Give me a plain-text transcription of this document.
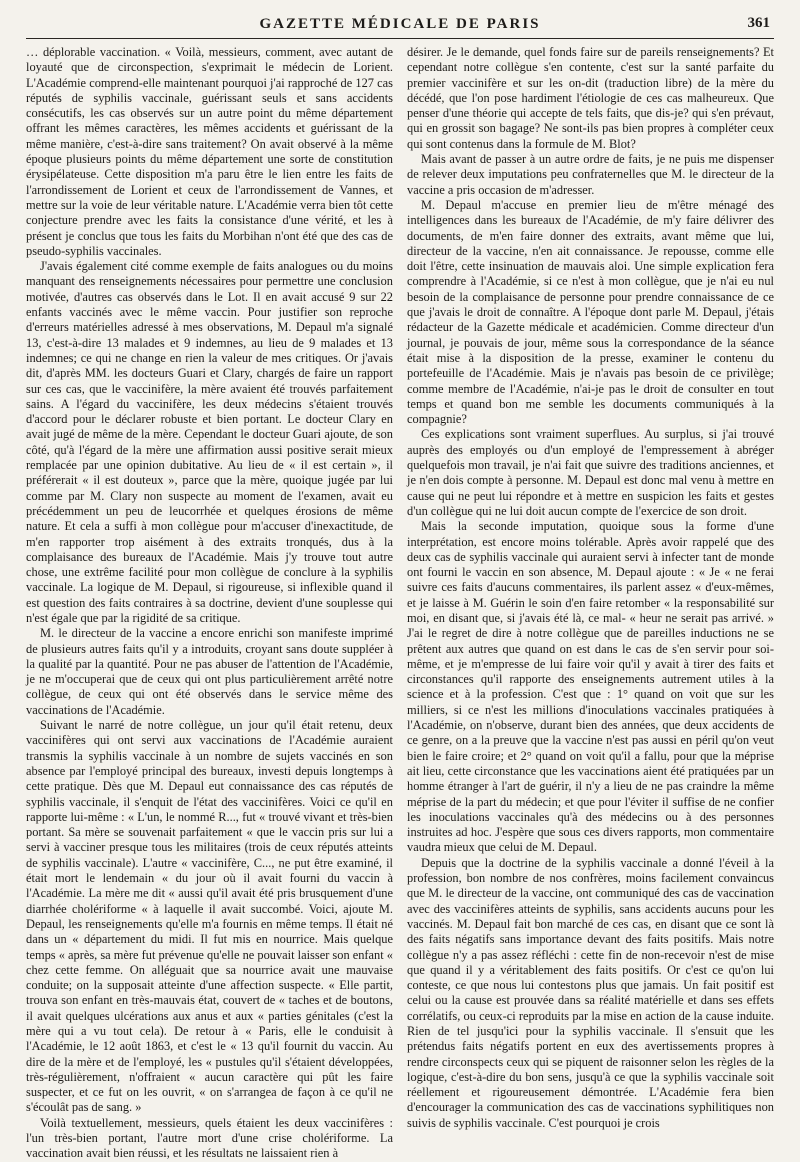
GAZETTE MÉDICALE DE PARIS	361

… déplorable vaccination. « Voilà, messieurs, comment, avec autant de loyauté que de circonspection, s'exprimait le médecin de Lorient. L'Académie comprend-elle maintenant pourquoi j'ai rapproché de 127 cas réputés de syphilis vaccinale, guérissant seuls et sans accidents consécutifs, les cas observés sur un autre point du même département offrant les mêmes caractères, les mêmes accidents et guérissant de la même manière, c'est-à-dire sans traitement? On avait observé à la même époque plusieurs points du même département une sorte de constitution érysipélateuse. Cette disposition m'a paru être le lien entre les faits de l'arrondissement de Lorient et ceux de l'arrondissement de Vannes, et mettre sur la voie de leur véritable nature. L'Académie verra bien tôt cette conjecture prendre avec les faits la consistance d'une vérité, et les à présent je conclus que tous les faits du Morbihan n'ont été que des cas de pseudo-syphilis vaccinales.

J'avais également cité comme exemple de faits analogues ou du moins manquant des renseignements nécessaires pour permettre une conclusion motivée, d'autres cas observés dans le Lot. Il en avait accusé 9 sur 22 enfants vaccinés avec le même vaccin. Pour justifier son reproche d'erreurs matérielles adressé à mes observations, M. Depaul m'a signalé 13, c'est-à-dire 13 malades et 9 indemnes, au lieu de 9 malades et 13 indemnes; ce qui ne change en rien la valeur de mes critiques. Or j'avais dit, d'après MM. les docteurs Guari et Clary, chargés de faire un rapport sur ces cas, que le vaccinifère, la mère avaient été trouvés parfaitement sains. A l'égard du vaccinifère, les deux médecins s'étaient trouvés d'accord pour le déclarer robuste et bien portant. Le docteur Clary en avait jugé de même de la mère. Cependant le docteur Guari ajoute, de son côté, qu'à l'égard de la mère une affirmation aussi positive serait mieux remplacée par une opinion dubitative. Au lieu de « il est certain », il préférerait « il est douteux », parce que la mère, quoique jugée par lui comme par M. Clary non suspecte au moment de l'examen, avait eu précédemment un peu de leucorrhée et quelques érosions de même nature. Et cela a suffi à mon collègue pour m'accuser d'inexactitude, de m'en rapporter trop aisément à des extraits tronqués, dus à la complaisance des bureaux de l'Académie. Mais j'y trouve tout autre chose, une extrême facilité pour mon collègue de conclure à la syphilis vaccinale. La logique de M. Depaul, si rigoureuse, si inflexible quand il est question des faits contraires à sa doctrine, devient d'une souplesse qui n'est égale que par la rigidité de sa critique.

M. le directeur de la vaccine a encore enrichi son manifeste imprimé de plusieurs autres faits qu'il y a introduits, croyant sans doute suppléer à la qualité par la quantité. Pour ne pas abuser de l'attention de l'Académie, je ne m'occuperai que de ceux qui ont plus particulièrement arrêté notre collègue, de ceux qui ont été observés dans le service même des vaccinations de l'Académie.

Suivant le narré de notre collègue, un jour qu'il était retenu, deux vaccinifères qui ont servi aux vaccinations de l'Académie auraient transmis la syphilis vaccinale à un nombre de sujets vaccinés en son absence par l'employé principal des bureaux, investi depuis longtemps à cette pratique. Dès que M. Depaul eut connaissance des cas réputés de syphilis vaccinale, il s'enquit de l'état des vaccinifères. Voici ce qu'il en rapporte lui-même : « L'un, le nommé R..., fut « trouvé vivant et très-bien portant. Sa mère se souvenait parfaitement « que le vaccin pris sur lui a servi à vacciner presque tous les militaires (trois de ceux réputés atteints de syphilis vaccinale). L'autre « vaccinifère, C..., ne put être examiné, il était mort le lendemain « du jour où il avait fourni du vaccin à l'Académie. La mère me dit « aussi qu'il avait été pris brusquement d'une diarrhée cholériforme « à laquelle il avait succombé. Voici, ajoute M. Depaul, les renseignements qu'elle m'a fournis en même temps. Il était né dans un « département du midi. Il fut mis en nourrice. Mais quelque temps « après, sa mère fut prévenue qu'elle ne pouvait laisser son enfant « chez cette femme. On alléguait que sa nourrice avait une mauvaise conduite; on la supposait atteinte d'une affection suspecte. « Elle partit, trouva son enfant en très-mauvais état, couvert de « taches et de boutons, il avait quelques ulcérations aux anus et aux « parties génitales (c'est la mère qui a vu tout cela). De retour à « Paris, elle le conduisit à l'Académie, le 12 août 1863, et c'est le « 13 qu'il fournit du vaccin. Au dire de la mère et de l'employé, les « pustules qu'il s'étaient développées, très-régulièrement, n'offraient « aucun caractère qui pût les faire suspecter, et ce fut on les ouvrit, « on s'arrangea de façon à ce qu'il ne s'écoulât pas de sang. »

Voilà textuellement, messieurs, quels étaient les deux vaccinifères : l'un très-bien portant, l'autre mort d'une crise cholériforme. La vaccination avait bien réussi, et les résultats ne laissaient rien à

désirer. Je le demande, quel fonds faire sur de pareils renseignements? Et cependant notre collègue s'en contente, c'est sur la santé parfaite du premier vaccinifère et sur les on-dit (traduction libre) de la mère du décédé, que l'on pose hardiment l'étiologie de ces cas malheureux. Que penser d'une théorie qui accepte de tels faits, que dis-je? qui s'en prévaut, qui en grossit son bagage? Ne sont-ils pas bien propres à compléter ceux qui sont contenus dans la formule de M. Blot?

Mais avant de passer à un autre ordre de faits, je ne puis me dispenser de relever deux imputations peu confraternelles que M. le directeur de la vaccine a pris occasion de m'adresser.

M. Depaul m'accuse en premier lieu de m'être ménagé des intelligences dans les bureaux de l'Académie, de m'y faire délivrer des documents, de m'en faire donner des extraits, avant même que lui, directeur de la vaccine, n'en ait connaissance. Je repousse, comme elle doit l'être, cette insinuation de mauvais aloi. Une simple explication fera comprendre à l'Académie, si ce n'est à mon collègue, que je n'ai eu nul besoin de la complaisance de personne pour prendre connaissance de ce que j'avais le droit de connaître. A l'époque dont parle M. Depaul, j'étais rédacteur de la Gazette médicale et académicien. Comme directeur d'un journal, je pouvais de jour, même sous la correspondance de la séance était mise à la disposition de la presse, examiner le contenu du portefeuille de l'Académie. Mais je n'avais pas besoin de ce privilège; comme membre de l'Académie, n'ai-je pas le droit de consulter en tout temps et quand bon me semble les documents communiqués à la compagnie?

Ces explications sont vraiment superflues. Au surplus, si j'ai trouvé auprès des employés ou d'un employé de l'empressement à abréger quelquefois mon travail, je n'ai fait que suivre des traditions anciennes, et je n'en dois compte à personne. M. Depaul est donc mal venu à mettre en cause qui ne peut lui répondre et à mettre en suspicion les faits et gestes d'un collègue qui ne lui doit aucun compte de l'exercice de son droit.

Mais la seconde imputation, quoique sous la forme d'une interprétation, est encore moins tolérable. Après avoir rappelé que des deux cas de syphilis vaccinale qui auraient servi à infecter tant de monde ont fourni le vaccin en son absence, M. Depaul ajoute : « Je « ne ferai suivre ces faits d'aucuns commentaires, ils parlent assez « d'eux-mêmes, et je laisse à M. Guérin le soin d'en faire retomber « la responsabilité sur moi, en disant que, si j'avais été là, ce mal- « heur ne serait pas arrivé. » J'ai le regret de dire à notre collègue que de pareilles inductions ne se prêtent aux autres que quand on est dans le cas de s'en servir pour soi-même, et je m'empresse de lui faire voir qu'il y avait à tirer des faits et circonstances qu'il rapporte des enseignements autrement utiles à la science et à la profession. C'est que : 1° quand on voit que sur les milliers, si ce n'est les millions d'inoculations vaccinales pratiquées à l'Académie, on n'observe, durant bien des années, que deux accidents de ce genre, on a la preuve que la vaccine n'est pas aussi en péril qu'on veut bien le faire croire; et 2° quand on voit qu'il a fallu, pour que la méprise ait lieu, cette circonstance que les vaccinations aient été pratiquées par un homme étranger à l'art de guérir, il n'y a lieu de ne pas craindre la même méprise de la part du médecin; et que pour l'éviter il suffise de ne confier les inoculations vaccinales qu'à des médecins ou à des personnes instruites ad hoc. J'espère que sous ces divers rapports, mon commentaire vaudra mieux que celui de M. Depaul.

Depuis que la doctrine de la syphilis vaccinale a donné l'éveil à la profession, bon nombre de nos confrères, moins facilement convaincus que M. le directeur de la vaccine, ont communiqué des cas de vaccination avec des vaccinifères atteints de syphilis, sans accidents aucuns pour les vaccinés. M. Depaul fait bon marché de ces cas, en disant que ce sont là des faits négatifs sans importance devant des faits positifs. Mais notre collègue n'y a pas assez réfléchi : cette fin de non-recevoir n'est de mise que quand il y a véritablement des faits positifs. Or c'est ce qu'on lui conteste, ce que nous lui contestons plus que jamais. Un fait positif est celui ou la cause est prouvée dans sa réalité matérielle et dans ses effets corrélatifs, ou ceux-ci reproduits par la mise en action de la cause induite. Rien de tel jusqu'ici pour la syphilis vaccinale. Il s'ensuit que les prétendus faits négatifs portent en eux des avertissements propres à rendre circonspects ceux qui se piquent de raisonner selon les règles de la logique, c'est-à-dire du bon sens, jusqu'à ce que la syphilis vaccinale soit réellement et rigoureusement démontrée. L'Académie fera bien d'encourager la communication des cas de vaccinations syphilitiques non suivis de syphilis vaccinale. C'est pourquoi je crois
